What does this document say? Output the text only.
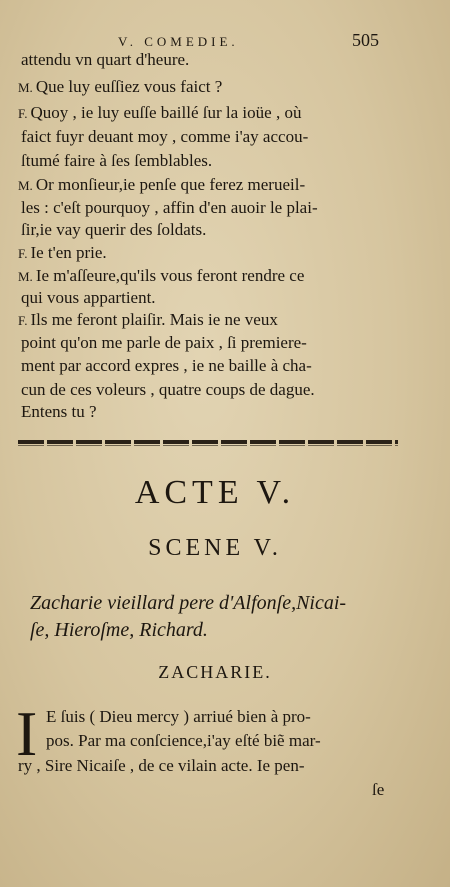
V. COMEDIE.	505
attendu vn quart d'heure.
M. Que luy euſſiez vous faict ?
F. Quoy , ie luy euſſe baillé ſur la ioüe , où
faict fuyr deuant moy , comme i'ay accou-
ſtumé faire à ſes ſemblables.
M. Or monſieur,ie penſe que ferez merueil-
les : c'eſt pourquoy , affin d'en auoir le plai-
ſir,ie vay querir des ſoldats.
F. Ie t'en prie.
M. Ie m'aſſeure,qu'ils vous feront rendre ce
qui vous appartient.
F. Ils me feront plaiſir. Mais ie ne veux
point qu'on me parle de paix , ſi premiere-
ment par accord expres , ie ne baille à cha-
cun de ces voleurs , quatre coups de dague.
Entens tu ?
ACTE V.
SCENE V.
Zacharie vieillard pere d'Alfonſe,Nicai-
ſe, Hieroſme, Richard.
ZACHARIE.
I E ſuis ( Dieu mercy ) arriué bien à pro-
pos. Par ma conſcience,i'ay eſté biẽ mar-
ry , Sire Nicaiſe , de ce vilain acte. Ie pen-
ſe
